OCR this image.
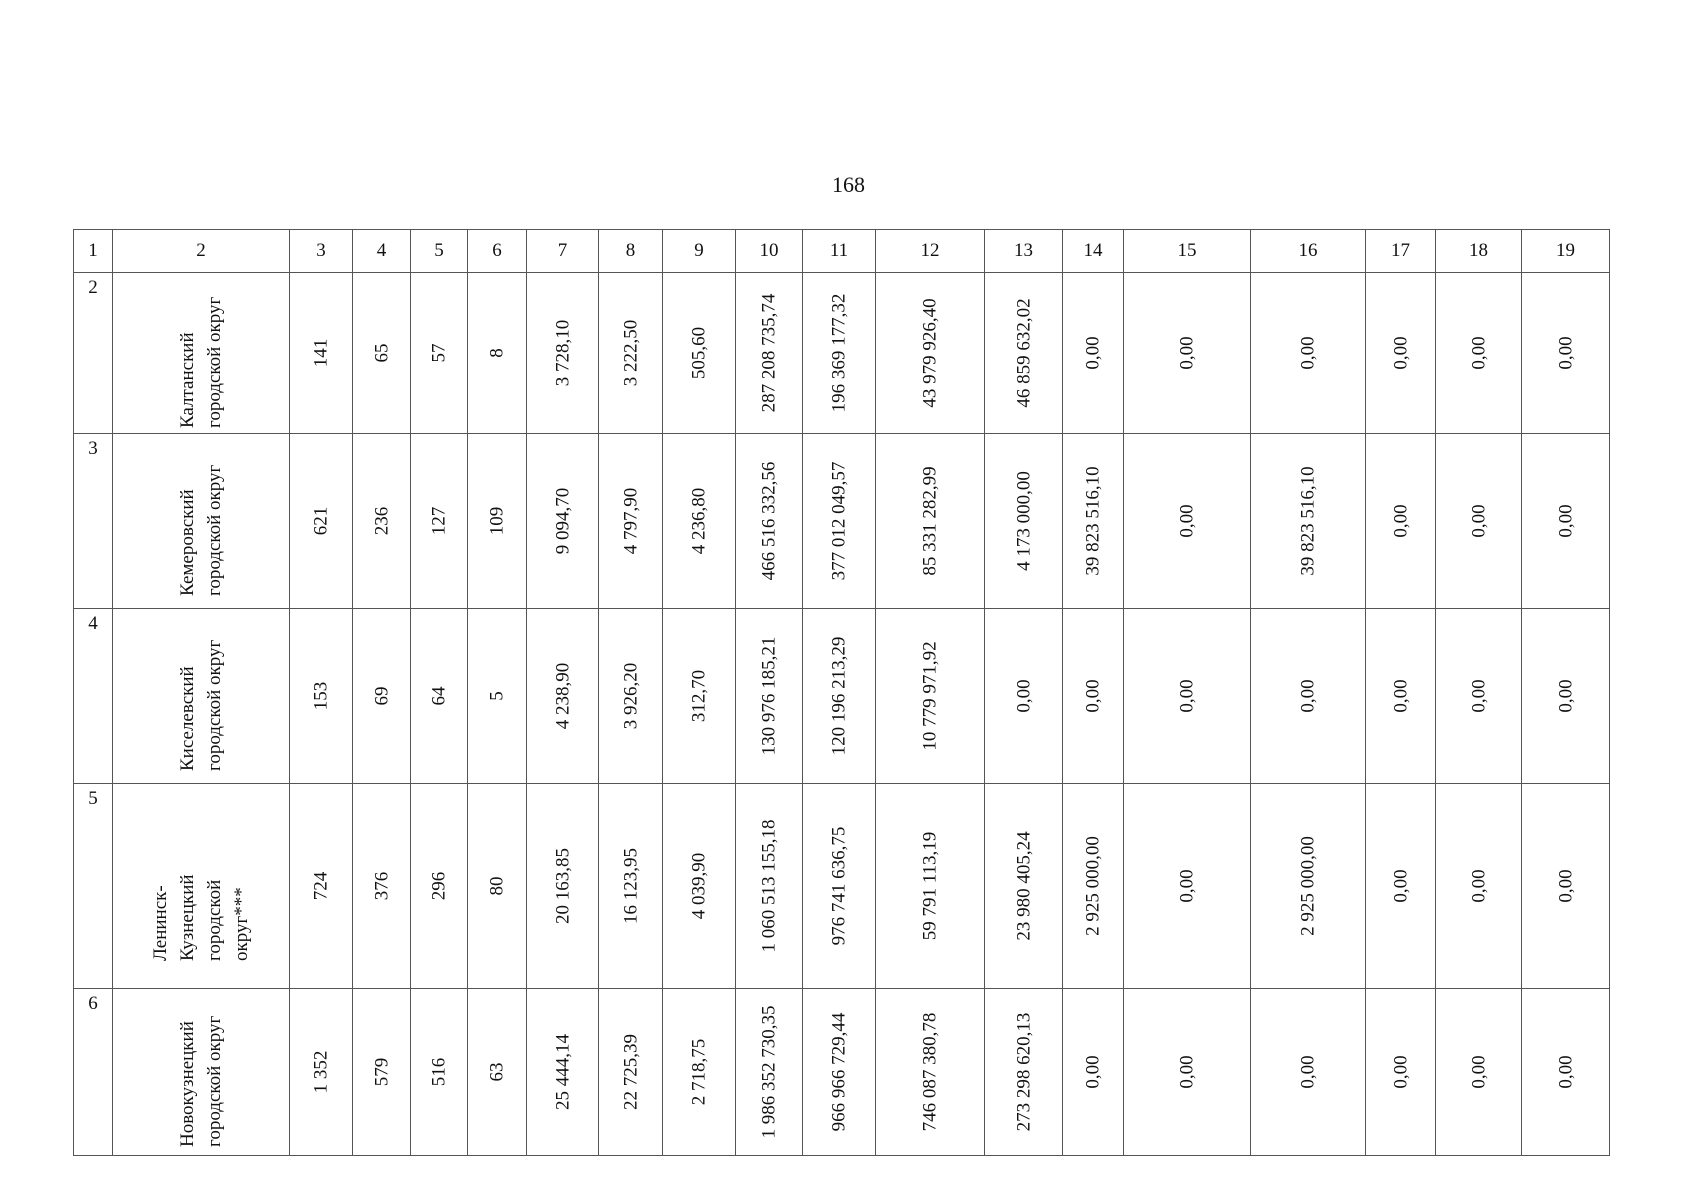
168
1	2	3	4	5	6	7	8	9	10	11	12	13	14	15	16	17	18	19

2	Калтанский городской округ	141	65	57	8	3 728,10	3 222,50	505,60	287 208 735,74	196 369 177,32	43 979 926,40	46 859 632,02	0,00	0,00	0,00	0,00	0,00	0,00

3	Кемеровский городской округ	621	236	127	109	9 094,70	4 797,90	4 236,80	466 516 332,56	377 012 049,57	85 331 282,99	4 173 000,00	39 823 516,10	0,00	39 823 516,10	0,00	0,00	0,00

4	Киселевский городской округ	153	69	64	5	4 238,90	3 926,20	312,70	130 976 185,21	120 196 213,29	10 779 971,92	0,00	0,00	0,00	0,00	0,00	0,00	0,00

5	Ленинск-Кузнецкий городской округ***	724	376	296	80	20 163,85	16 123,95	4 039,90	1 060 513 155,18	976 741 636,75	59 791 113,19	23 980 405,24	2 925 000,00	0,00	2 925 000,00	0,00	0,00	0,00

6	Новокузнецкий городской округ	1 352	579	516	63	25 444,14	22 725,39	2 718,75	1 986 352 730,35	966 966 729,44	746 087 380,78	273 298 620,13	0,00	0,00	0,00	0,00	0,00	0,00
